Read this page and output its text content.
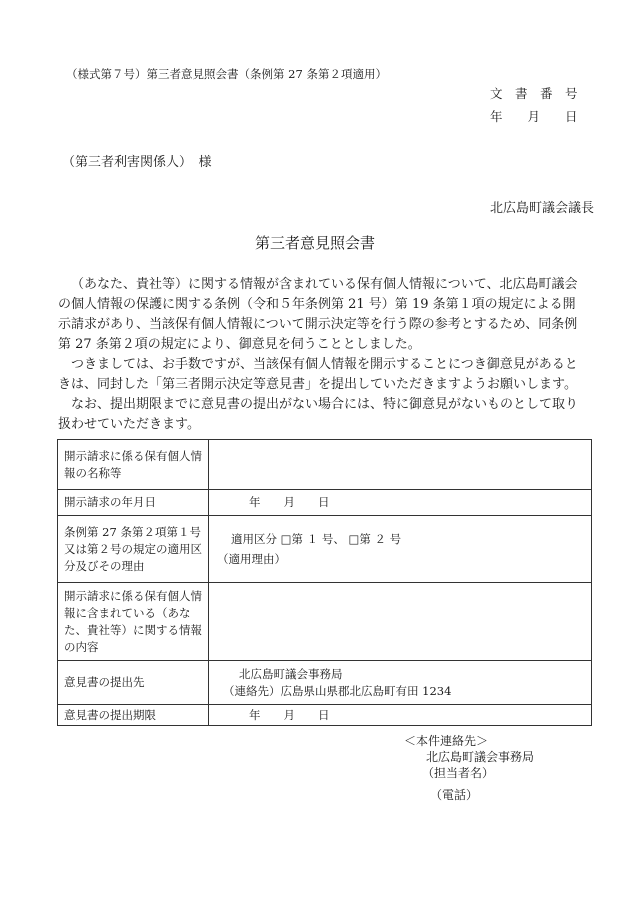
（様式第７号）第三者意見照会書（条例第 27 条第２項適用）
文　書　番　号
年　　月　　日
（第三者利害関係人）　様
北広島町議会議長
第三者意見照会書

（あなた、貴社等）に関する情報が含まれている保有個人情報について、北広島町議会の個人情報の保護に関する条例（令和５年条例第 21 号）第 19 条第１項の規定による開示請求があり、当該保有個人情報について開示決定等を行う際の参考とするため、同条例第 27 条第２項の規定により、御意見を伺うこととしました。

つきましては、お手数ですが、当該保有個人情報を開示することにつき御意見があるときは、同封した「第三者開示決定等意見書」を提出していただきますようお願いします。

なお、提出期限までに意見書の提出がない場合には、特に御意見がないものとして取り扱わせていただきます。

開示請求に係る保有個人情報の名称等	
開示請求の年月日	年　　月　　日
条例第 27 条第２項第１号又は第２号の規定の適用区分及びその理由	適用区分 □第 １ 号、 □第 ２ 号
（適用理由）

開示請求に係る保有個人情報に含まれている（あなた、貴社等）に関する情報の内容	
意見書の提出先	北広島町議会事務局
（連絡先）広島県山県郡北広島町有田 1234

意見書の提出期限	年　　月　　日
＜本件連絡先＞
北広島町議会事務局
（担当者名）
（電話）
